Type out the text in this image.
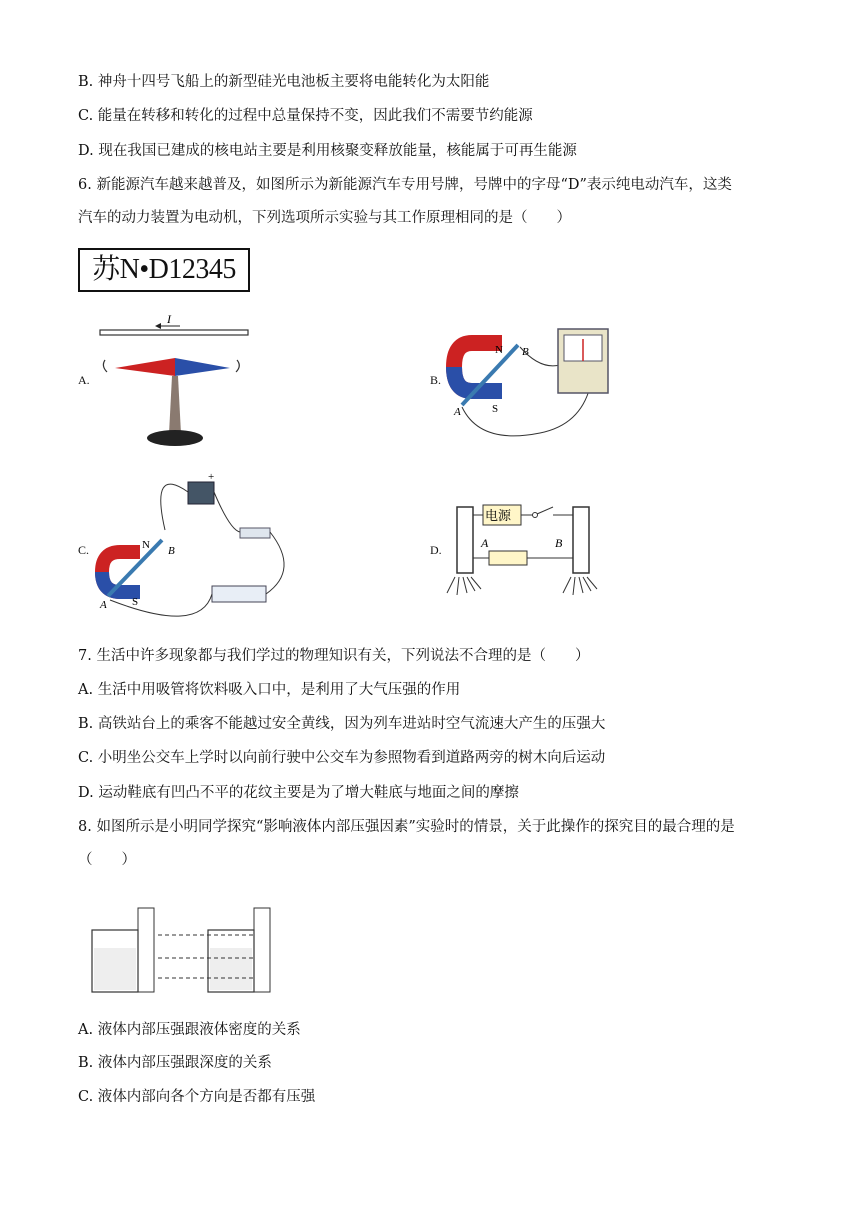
B. 神舟十四号飞船上的新型硅光电池板主要将电能转化为太阳能
C. 能量在转移和转化的过程中总量保持不变，因此我们不需要节约能源
D. 现在我国已建成的核电站主要是利用核聚变释放能量，核能属于可再生能源
6. 新能源汽车越来越普及，如图所示为新能源汽车专用号牌，号牌中的字母“D”表示纯电动汽车，这类
汽车的动力装置为电动机，下列选项所示实验与其工作原理相同的是（　　）
苏N•D12345
A.
I
B.
N
S
A
B
C.
+
N
S
A
B	D.
电源
A	B
7. 生活中许多现象都与我们学过的物理知识有关，下列说法不合理的是（　　）
A. 生活中用吸管将饮料吸入口中，是利用了大气压强的作用
B. 高铁站台上的乘客不能越过安全黄线，因为列车进站时空气流速大产生的压强大
C. 小明坐公交车上学时以向前行驶中公交车为参照物看到道路两旁的树木向后运动
D. 运动鞋底有凹凸不平的花纹主要是为了增大鞋底与地面之间的摩擦
8. 如图所示是小明同学探究“影响液体内部压强因素”实验时的情景，关于此操作的探究目的最合理的是
（　　）
A. 液体内部压强跟液体密度的关系
B. 液体内部压强跟深度的关系
C. 液体内部向各个方向是否都有压强
